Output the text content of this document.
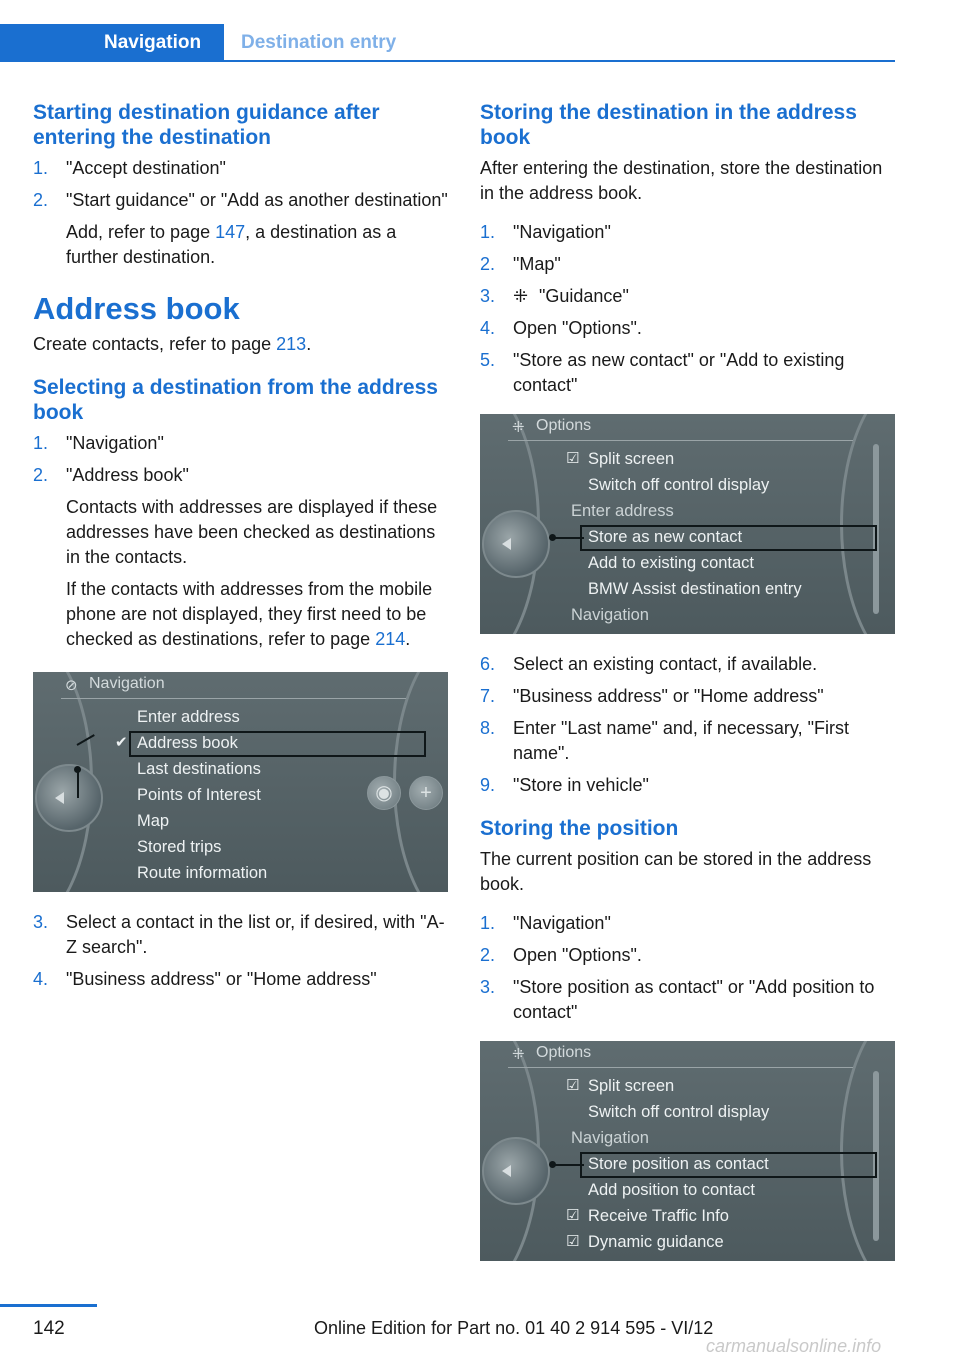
Navigation	Destination entry
Starting destination guidance after entering the destination
1. "Accept destination"
2. "Start guidance" or "Add as another destination"
Add, refer to page 147, a destination as a further destination.
Address book

Create contacts, refer to page 213.

Selecting a destination from the address book
1. "Navigation"
2. "Address book"
Contacts with addresses are displayed if these addresses have been checked as destinations in the contacts.
If the contacts with addresses from the mobile phone are not displayed, they first need to be checked as destinations, refer to page 214.
⊘ Navigation
Enter address
✔ Address book
Last destinations
Points of Interest
Map
Stored trips
Route information
◉	+
3. Select a contact in the list or, if desired, with "A-Z search".
4. "Business address" or "Home address"
Storing the destination in the address book

After entering the destination, store the destination in the address book.

1. "Navigation"
2. "Map"
3. ⁜ "Guidance"
4. Open "Options".
5. "Store as new contact" or "Add to existing contact"
⁜ Options
☑ Split screen
Switch off control display
Enter address
Store as new contact
Add to existing contact
BMW Assist destination entry
Navigation
6. Select an existing contact, if available.
7. "Business address" or "Home address"
8. Enter "Last name" and, if necessary, "First name".
9. "Store in vehicle"
Storing the position

The current position can be stored in the address book.

1. "Navigation"
2. Open "Options".
3. "Store position as contact" or "Add position to contact"
⁜ Options
☑ Split screen
Switch off control display
Navigation
Store position as contact
Add position to contact
☑ Receive Traffic Info
☑ Dynamic guidance
142	Online Edition for Part no. 01 40 2 914 595 - VI/12
carmanualsonline.info
